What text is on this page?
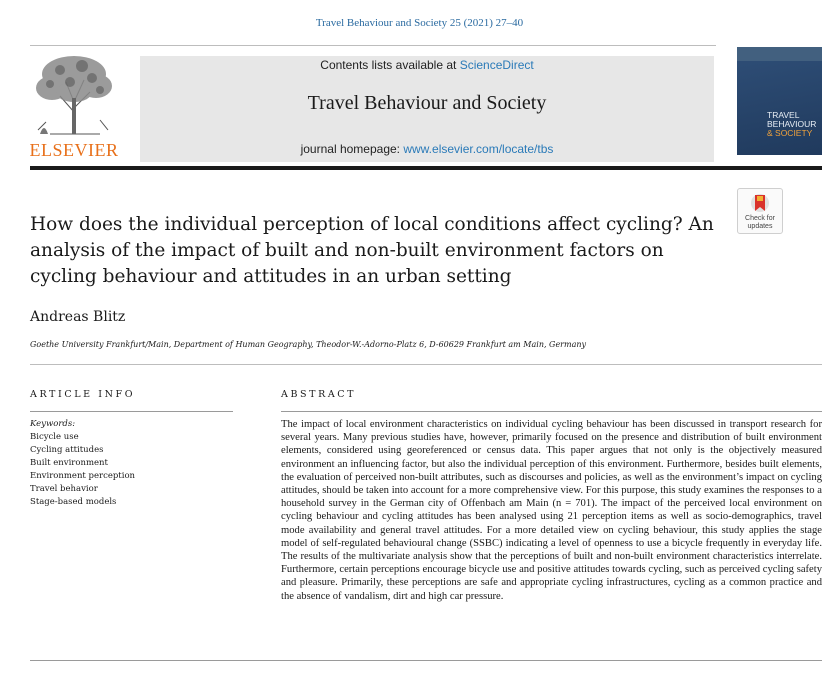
Travel Behaviour and Society 25 (2021) 27–40
ELSEVIER
Contents lists available at ScienceDirect
Travel Behaviour and Society
journal homepage: www.elsevier.com/locate/tbs
TRAVEL
BEHAVIOUR
& SOCIETY
Check for
updates
How does the individual perception of local conditions affect cycling? An analysis of the impact of built and non-built environment factors on cycling behaviour and attitudes in an urban setting
Andreas Blitz
Goethe University Frankfurt/Main, Department of Human Geography, Theodor-W.-Adorno-Platz 6, D-60629 Frankfurt am Main, Germany
ARTICLE INFO	ABSTRACT
Keywords:
Bicycle use
Cycling attitudes
Built environment
Environment perception
Travel behavior
Stage-based models

The impact of local environment characteristics on individual cycling behaviour has been discussed in transport research for several years. Many previous studies have, however, primarily focused on the presence and distribution of built environment elements, considered using georeferenced or census data. This paper argues that not only is the objectively measured environment an influencing factor, but also the individual perception of this environment. Furthermore, besides built elements, the evaluation of perceived non-built attributes, such as discourses and policies, as well as the environment’s impact on cycling attitudes, should be taken into account for a more comprehensive view. For this purpose, this study examines the responses to a household survey in the German city of Offenbach am Main (n = 701). The impact of the perceived local environment on cycling behaviour and cycling attitudes has been analysed using 21 perception items as well as socio-demographics, travel mode availability and general travel attitudes. For a more detailed view on cycling behaviour, this study applies the stage model of self-regulated behavioural change (SSBC) indicating a level of openness to use a bicycle frequently in everyday life. The results of the multivariate analysis show that the perceptions of built and non-built environment characteristics interrelate. Furthermore, certain perceptions encourage bicycle use and positive attitudes towards cycling, such as perceived cycling safety and pleasure. Primarily, these perceptions are safe and appropriate cycling infrastructures, cycling as a common practice and the absence of vandalism, dirt and high car pressure.
